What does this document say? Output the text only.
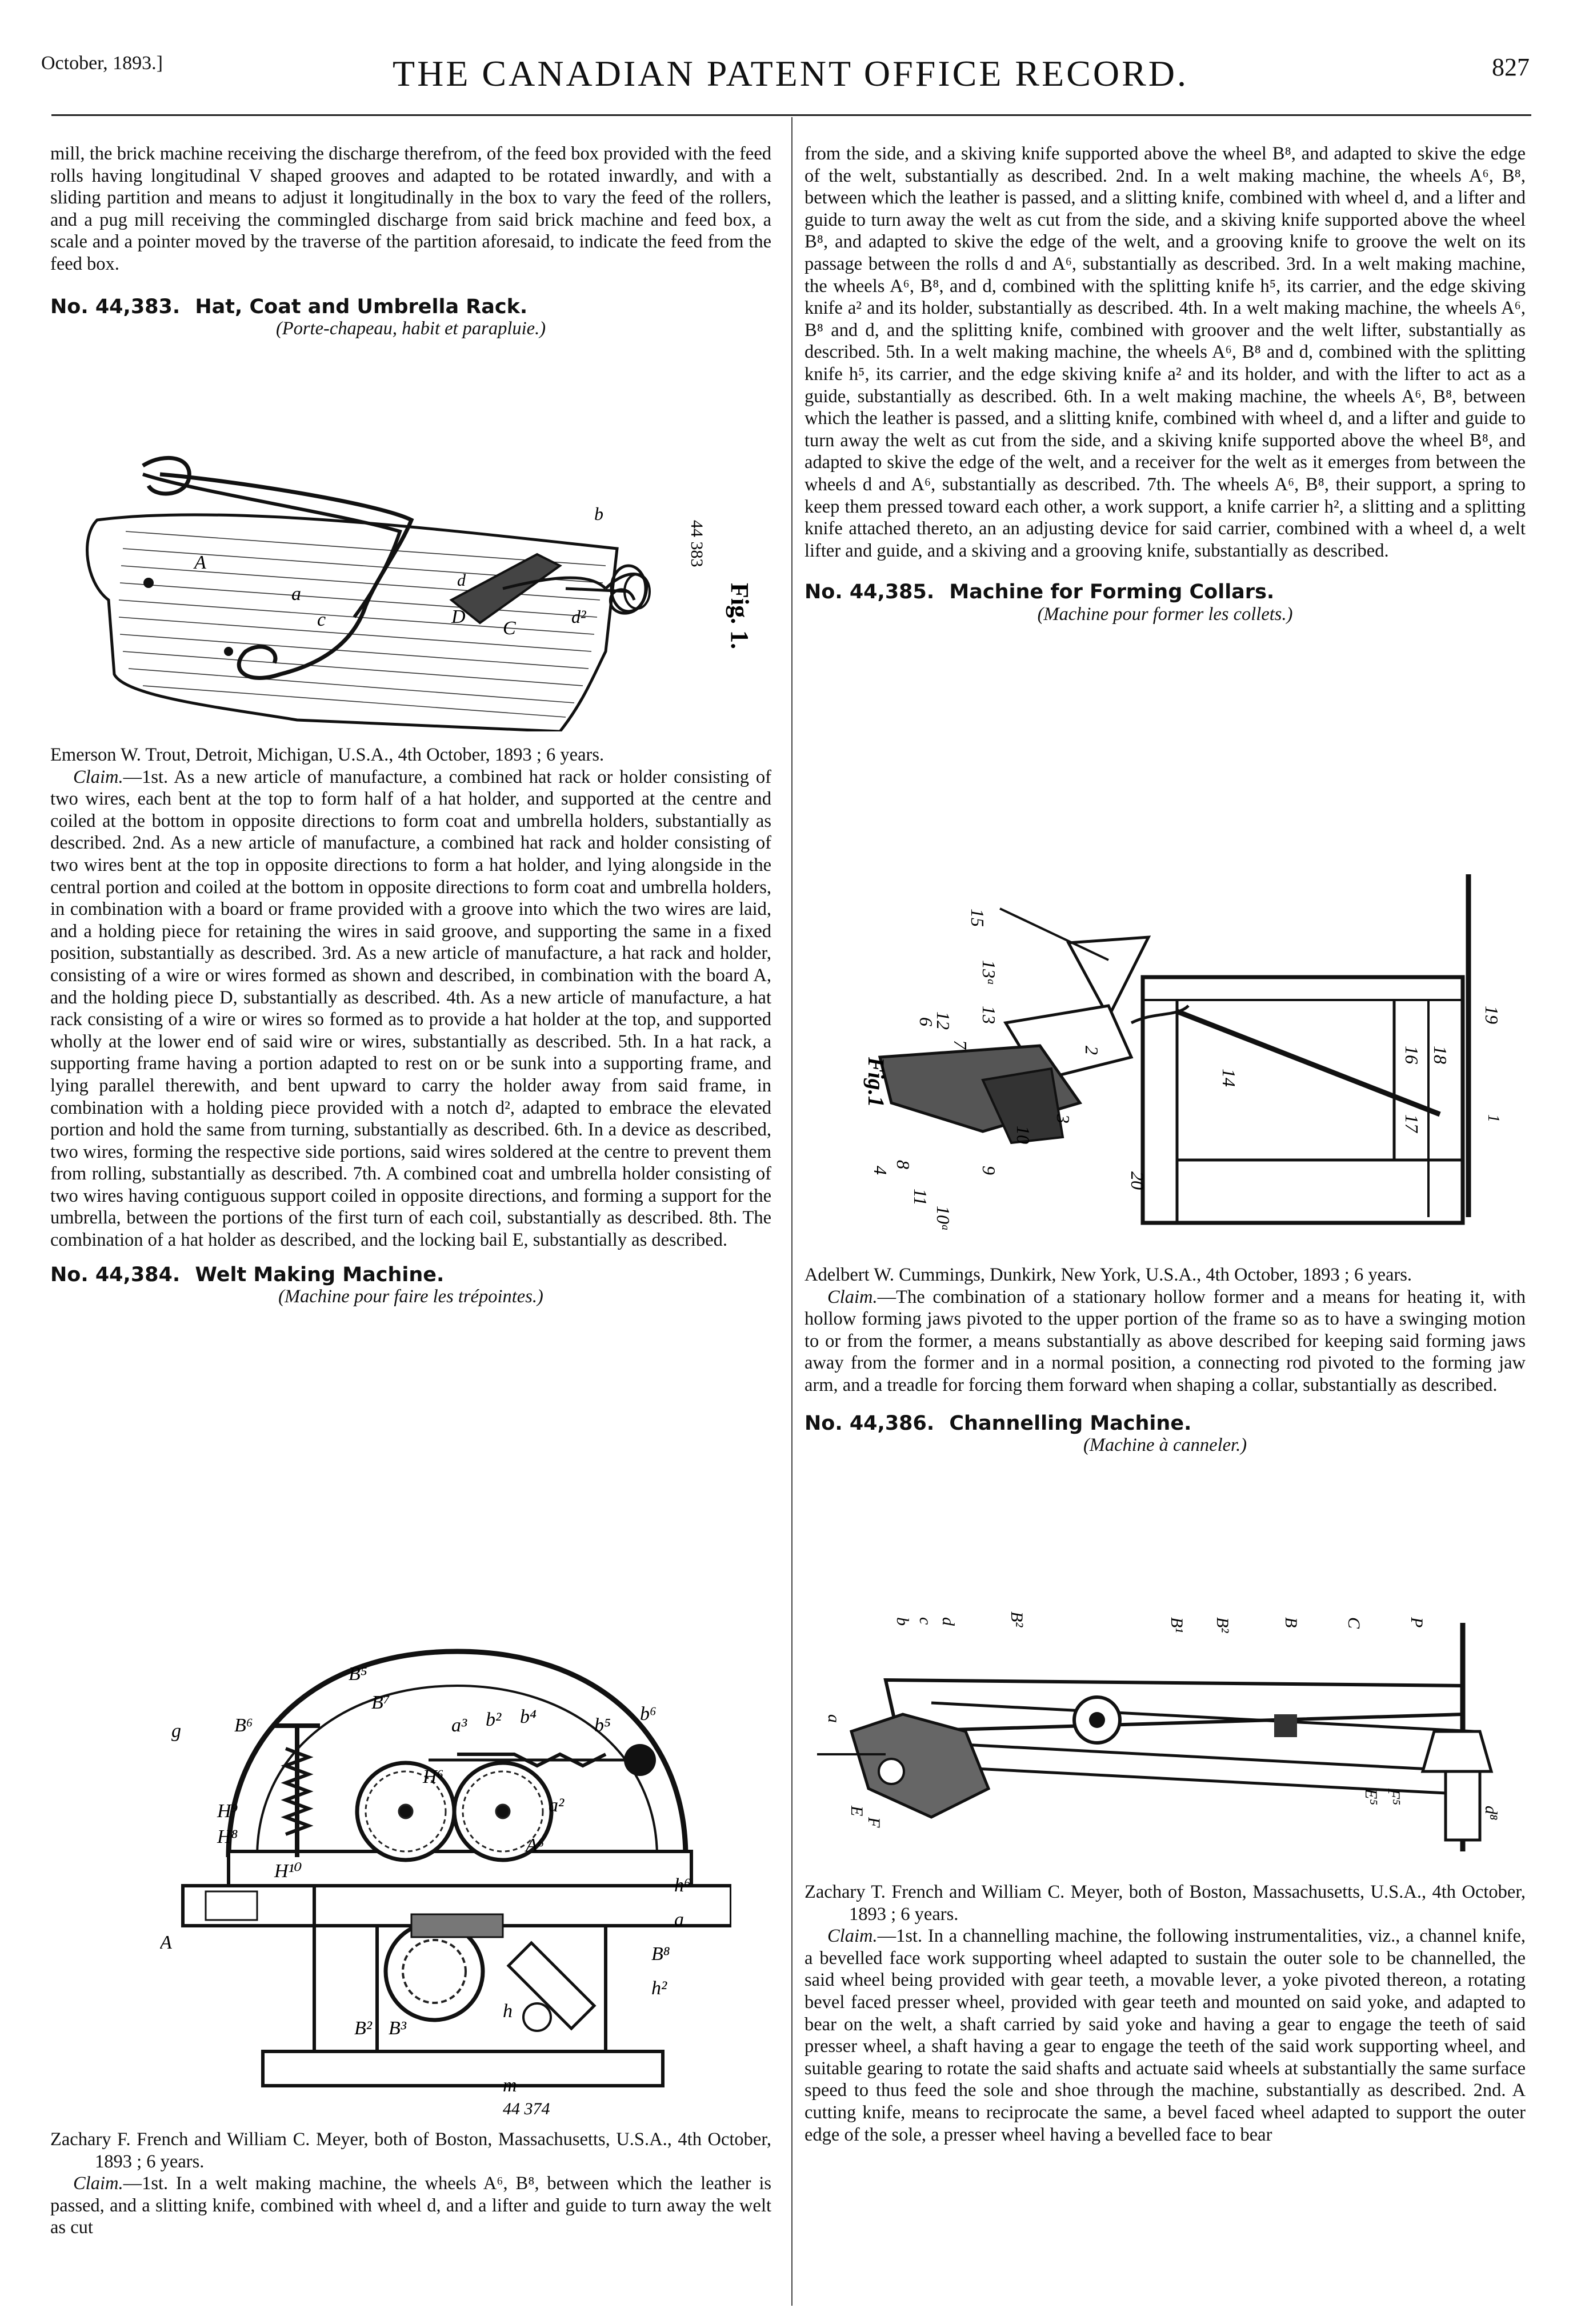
October, 1893.]	THE CANADIAN PATENT OFFICE RECORD.	827

mill, the brick machine receiving the discharge therefrom, of the feed box provided with the feed rolls having longitudinal V shaped grooves and adapted to be rotated inwardly, and with a sliding partition and means to adjust it longitudinally in the box to vary the feed of the rollers, and a pug mill receiving the commingled discharge from said brick machine and feed box, a scale and a pointer moved by the traverse of the partition aforesaid, to indicate the feed from the feed box.

No. 44,383. Hat, Coat and Umbrella Rack.

(Porte-chapeau, habit et parapluie.)

A
a
c	D
C
d
b
d²
44 383
Fig. 1.

Emerson W. Trout, Detroit, Michigan, U.S.A., 4th October, 1893 ; 6 years.

Claim.—1st. As a new article of manufacture, a combined hat rack or holder consisting of two wires, each bent at the top to form half of a hat holder, and supported at the centre and coiled at the bottom in opposite directions to form coat and umbrella holders, substantially as described. 2nd. As a new article of manufacture, a combined hat rack and holder consisting of two wires bent at the top in opposite directions to form a hat holder, and lying alongside in the central portion and coiled at the bottom in opposite directions to form coat and umbrella holders, in combination with a board or frame provided with a groove into which the two wires are laid, and a holding piece for retaining the wires in said groove, and supporting the same in a fixed position, substantially as described. 3rd. As a new article of manufacture, a hat rack and holder, consisting of a wire or wires formed as shown and described, in combination with the board A, and the holding piece D, substantially as described. 4th. As a new article of manufacture, a hat rack consisting of a wire or wires so formed as to provide a hat holder at the top, and supported wholly at the lower end of said wire or wires, substantially as described. 5th. In a hat rack, a supporting frame having a portion adapted to rest on or be sunk into a supporting frame, and lying parallel therewith, and bent upward to carry the holder away from said frame, in combination with a holding piece provided with a notch d², adapted to embrace the elevated portion and hold the same from turning, substantially as described. 6th. In a device as described, two wires, forming the respective side portions, said wires soldered at the centre to prevent them from rolling, substantially as described. 7th. A combined coat and umbrella holder consisting of two wires having contiguous support coiled in opposite directions, and forming a support for the umbrella, between the portions of the first turn of each coil, substantially as described. 8th. The combination of a hat holder as described, and the locking bail E, substantially as described.

No. 44,384. Welt Making Machine.

(Machine pour faire les trépointes.)

B⁵
B⁷
B⁶	a³ b² b⁴	b⁵
b⁶
g
H⁶
H⁹
H⁸
H¹⁰
A⁶
h⁶
a²
a
A
B⁸
B² B³
h
h²
m
44 374

Zachary F. French and William C. Meyer, both of Boston, Massachusetts, U.S.A., 4th October, 1893 ; 6 years.

Claim.—1st. In a welt making machine, the wheels A⁶, B⁸, between which the leather is passed, and a slitting knife, combined with wheel d, and a lifter and guide to turn away the welt as cut

from the side, and a skiving knife supported above the wheel B⁸, and adapted to skive the edge of the welt, substantially as described. 2nd. In a welt making machine, the wheels A⁶, B⁸, between which the leather is passed, and a slitting knife, combined with wheel d, and a lifter and guide to turn away the welt as cut from the side, and a skiving knife supported above the wheel B⁸, and adapted to skive the edge of the welt, and a grooving knife to groove the welt on its passage between the rolls d and A⁶, substantially as described. 3rd. In a welt making machine, the wheels A⁶, B⁸, and d, combined with the splitting knife h⁵, its carrier, and the edge skiving knife a² and its holder, substantially as described. 4th. In a welt making machine, the wheels A⁶, B⁸ and d, and the splitting knife, combined with groover and the welt lifter, substantially as described. 5th. In a welt making machine, the wheels A⁶, B⁸ and d, combined with the splitting knife h⁵, its carrier, and the edge skiving knife a² and its holder, and with the lifter to act as a guide, substantially as described. 6th. In a welt making machine, the wheels A⁶, B⁸, between which the leather is passed, and a slitting knife, combined with wheel d, and a lifter and guide to turn away the welt as cut from the side, and a skiving knife supported above the wheel B⁸, and adapted to skive the edge of the welt, and a receiver for the welt as it emerges from between the wheels d and A⁶, substantially as described. 7th. The wheels A⁶, B⁸, their support, a spring to keep them pressed toward each other, a work support, a knife carrier h², a slitting and a splitting knife attached thereto, an an adjusting device for said carrier, combined with a wheel d, a welt lifter and guide, and a skiving and a grooving knife, substantially as described.

No. 44,385. Machine for Forming Collars.

(Machine pour former les collets.)

Fig.1
15
13ᵃ
13
12
6
7
3
2
4
8
11
10ᵃ
9
10
14
16
17
18
19
20
1

Adelbert W. Cummings, Dunkirk, New York, U.S.A., 4th October, 1893 ; 6 years.

Claim.—The combination of a stationary hollow former and a means for heating it, with hollow forming jaws pivoted to the upper portion of the frame so as to have a swinging motion to or from the former, a means substantially as above described for keeping said forming jaws away from the former and in a normal position, a connecting rod pivoted to the forming jaw arm, and a treadle for forcing them forward when shaping a collar, substantially as described.

No. 44,386. Channelling Machine.

(Machine à canneler.)

B²	B¹	B	C	P
B²
E⁵ F⁵
E
F
a
b c d
d⁸

Zachary T. French and William C. Meyer, both of Boston, Massachusetts, U.S.A., 4th October, 1893 ; 6 years.

Claim.—1st. In a channelling machine, the following instrumentalities, viz., a channel knife, a bevelled face work supporting wheel adapted to sustain the outer sole to be channelled, the said wheel being provided with gear teeth, a movable lever, a yoke pivoted thereon, a rotating bevel faced presser wheel, provided with gear teeth and mounted on said yoke, and adapted to bear on the welt, a shaft carried by said yoke and having a gear to engage the teeth of said presser wheel, a shaft having a gear to engage the teeth of the said work supporting wheel, and suitable gearing to rotate the said shafts and actuate said wheels at substantially the same surface speed to thus feed the sole and shoe through the machine, substantially as described. 2nd. A cutting knife, means to reciprocate the same, a bevel faced wheel adapted to support the outer edge of the sole, a presser wheel having a bevelled face to bear
